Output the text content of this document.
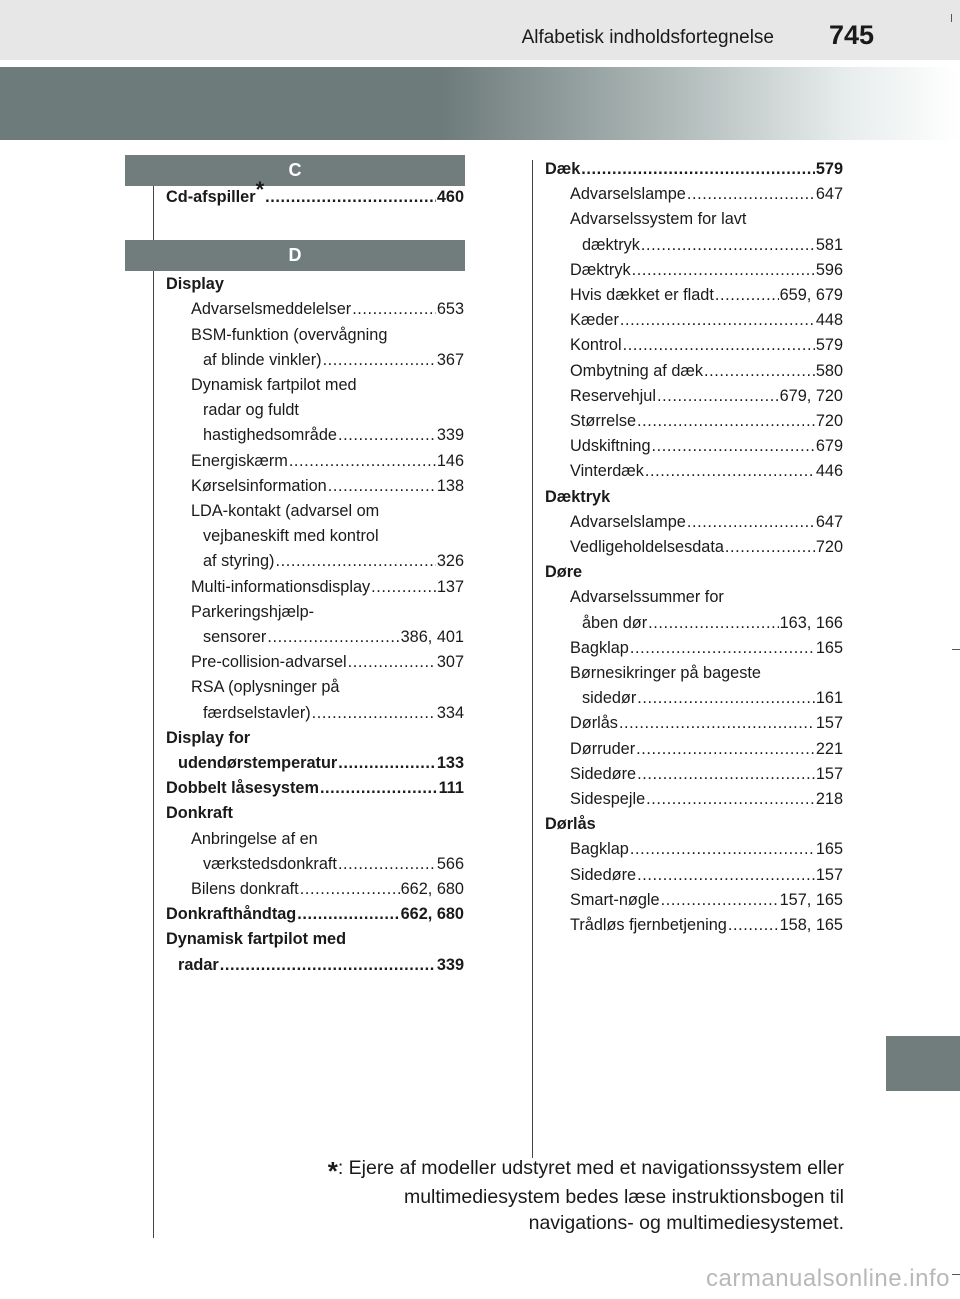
Alfabetisk indholdsfortegnelse 745
C
D
Cd-afspiller* .....	460
Display
Advarselsmeddelelser .....	653
BSM-funktion (overvågning
af blinde vinkler) .....	367
Dynamisk fartpilot med
radar og fuldt
hastighedsområde .....	339
Energiskærm .....	146
Kørselsinformation .....	138
LDA-kontakt (advarsel om
vejbaneskift med kontrol
af styring) .....	326
Multi-informationsdisplay .....	137
Parkeringshjælp-
sensorer .....	386, 401
Pre-collision-advarsel .....	307
RSA (oplysninger på
færdselstavler) .....	334
Display for
udendørstemperatur .....	133
Dobbelt låsesystem .....	111
Donkraft
Anbringelse af en
værkstedsdonkraft .....	566
Bilens donkraft .....	662, 680
Donkrafthåndtag .....	662, 680
Dynamisk fartpilot med
radar .....	339
Dæk .....	579
Advarselslampe .....	647
Advarselssystem for lavt
dæktryk .....	581
Dæktryk .....	596
Hvis dækket er fladt .....	659, 679
Kæder .....	448
Kontrol .....	579
Ombytning af dæk .....	580
Reservehjul .....	679, 720
Størrelse .....	720
Udskiftning .....	679
Vinterdæk .....	446
Dæktryk
Advarselslampe .....	647
Vedligeholdelsesdata .....	720
Døre
Advarselssummer for
åben dør .....	163, 166
Bagklap .....	165
Børnesikringer på bageste
sidedør .....	161
Dørlås .....	157
Dørruder .....	221
Sidedøre .....	157
Sidespejle .....	218
Dørlås
Bagklap .....	165
Sidedøre .....	157
Smart-nøgle .....	157, 165
Trådløs fjernbetjening .....	158, 165
*: Ejere af modeller udstyret med et navigationssystem eller
multimediesystem bedes læse instruktionsbogen til
navigations- og multimediesystemet.
carmanualsonline.info
